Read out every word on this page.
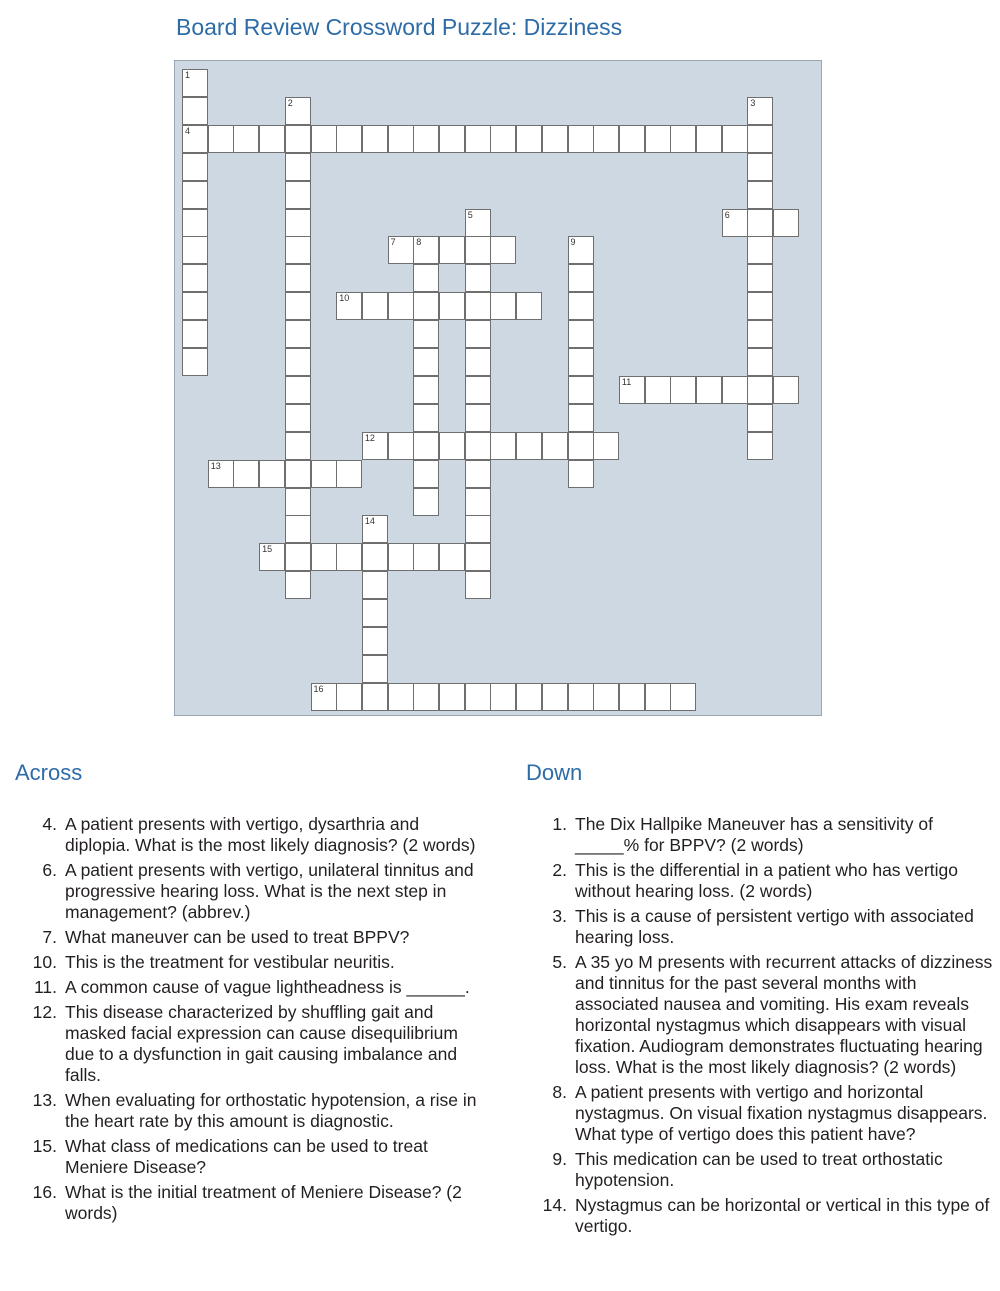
Board Review Crossword Puzzle: Dizziness
1
4
2	3
5	6
7 8	9
10
11
12
13
14
15
16
Across
4. A patient presents with vertigo, dysarthria and diplopia. What is the most likely diagnosis? (2 words)
6. A patient presents with vertigo, unilateral tinnitus and progressive hearing loss. What is the next step in management? (abbrev.)
7. What maneuver can be used to treat BPPV?
10. This is the treatment for vestibular neuritis.
11. A common cause of vague lightheadness is ______.
12. This disease characterized by shuffling gait and masked facial expression can cause disequilibrium due to a dysfunction in gait causing imbalance and falls.
13. When evaluating for orthostatic hypotension, a rise in the heart rate by this amount is diagnostic.
15. What class of medications can be used to treat Meniere Disease?
16. What is the initial treatment of Meniere Disease? (2 words)
Down
1. The Dix Hallpike Maneuver has a sensitivity of _____% for BPPV? (2 words)
2. This is the differential in a patient who has vertigo without hearing loss. (2 words)
3. This is a cause of persistent vertigo with associated hearing loss.
5. A 35 yo M presents with recurrent attacks of dizziness and tinnitus for the past several months with associated nausea and vomiting. His exam reveals horizontal nystagmus which disappears with visual fixation. Audiogram demonstrates fluctuating hearing loss. What is the most likely diagnosis? (2 words)
8. A patient presents with vertigo and horizontal nystagmus. On visual fixation nystagmus disappears. What type of vertigo does this patient have?
9. This medication can be used to treat orthostatic hypotension.
14. Nystagmus can be horizontal or vertical in this type of vertigo.
